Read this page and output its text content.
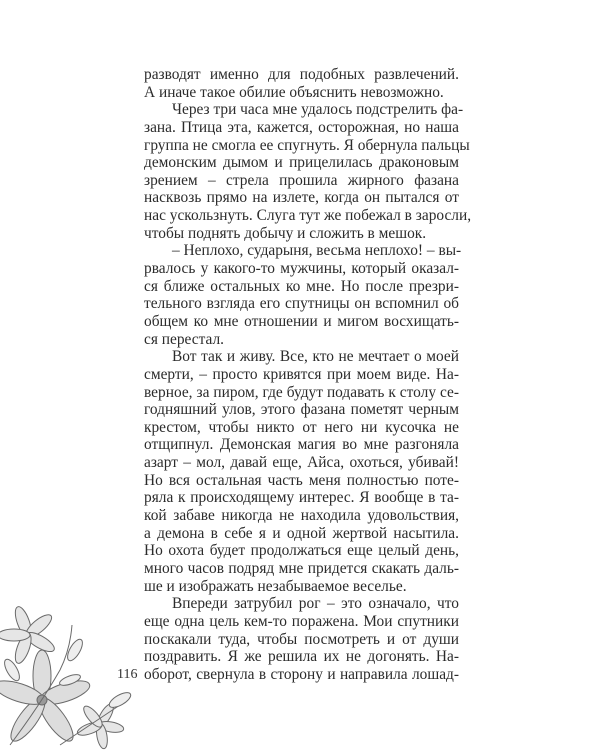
разводят именно для подобных развлечений.
А иначе такое обилие объяснить невозможно.
Через три часа мне удалось подстрелить фа-
зана. Птица эта, кажется, осторожная, но наша
группа не смогла ее спугнуть. Я обернула пальцы
демонским дымом и прицелилась драконовым
зрением – стрела прошила жирного фазана
насквозь прямо на излете, когда он пытался от
нас ускользнуть. Слуга тут же побежал в заросли,
чтобы поднять добычу и сложить в мешок.
– Неплохо, сударыня, весьма неплохо! – вы-
рвалось у какого-то мужчины, который оказал-
ся ближе остальных ко мне. Но после презри-
тельного взгляда его спутницы он вспомнил об
общем ко мне отношении и мигом восхищать-
ся перестал.
Вот так и живу. Все, кто не мечтает о моей
смерти, – просто кривятся при моем виде. На-
верное, за пиром, где будут подавать к столу се-
годняшний улов, этого фазана пометят черным
крестом, чтобы никто от него ни кусочка не
отщипнул. Демонская магия во мне разгоняла
азарт – мол, давай еще, Айса, охоться, убивай!
Но вся остальная часть меня полностью поте-
ряла к происходящему интерес. Я вообще в та-
кой забаве никогда не находила удовольствия,
а демона в себе я и одной жертвой насытила.
Но охота будет продолжаться еще целый день,
много часов подряд мне придется скакать даль-
ше и изображать незабываемое веселье.
Впереди затрубил рог – это означало, что
еще одна цель кем-то поражена. Мои спутники
поскакали туда, чтобы посмотреть и от души
поздравить. Я же решила их не догонять. На-
оборот, свернула в сторону и направила лошад-
116
